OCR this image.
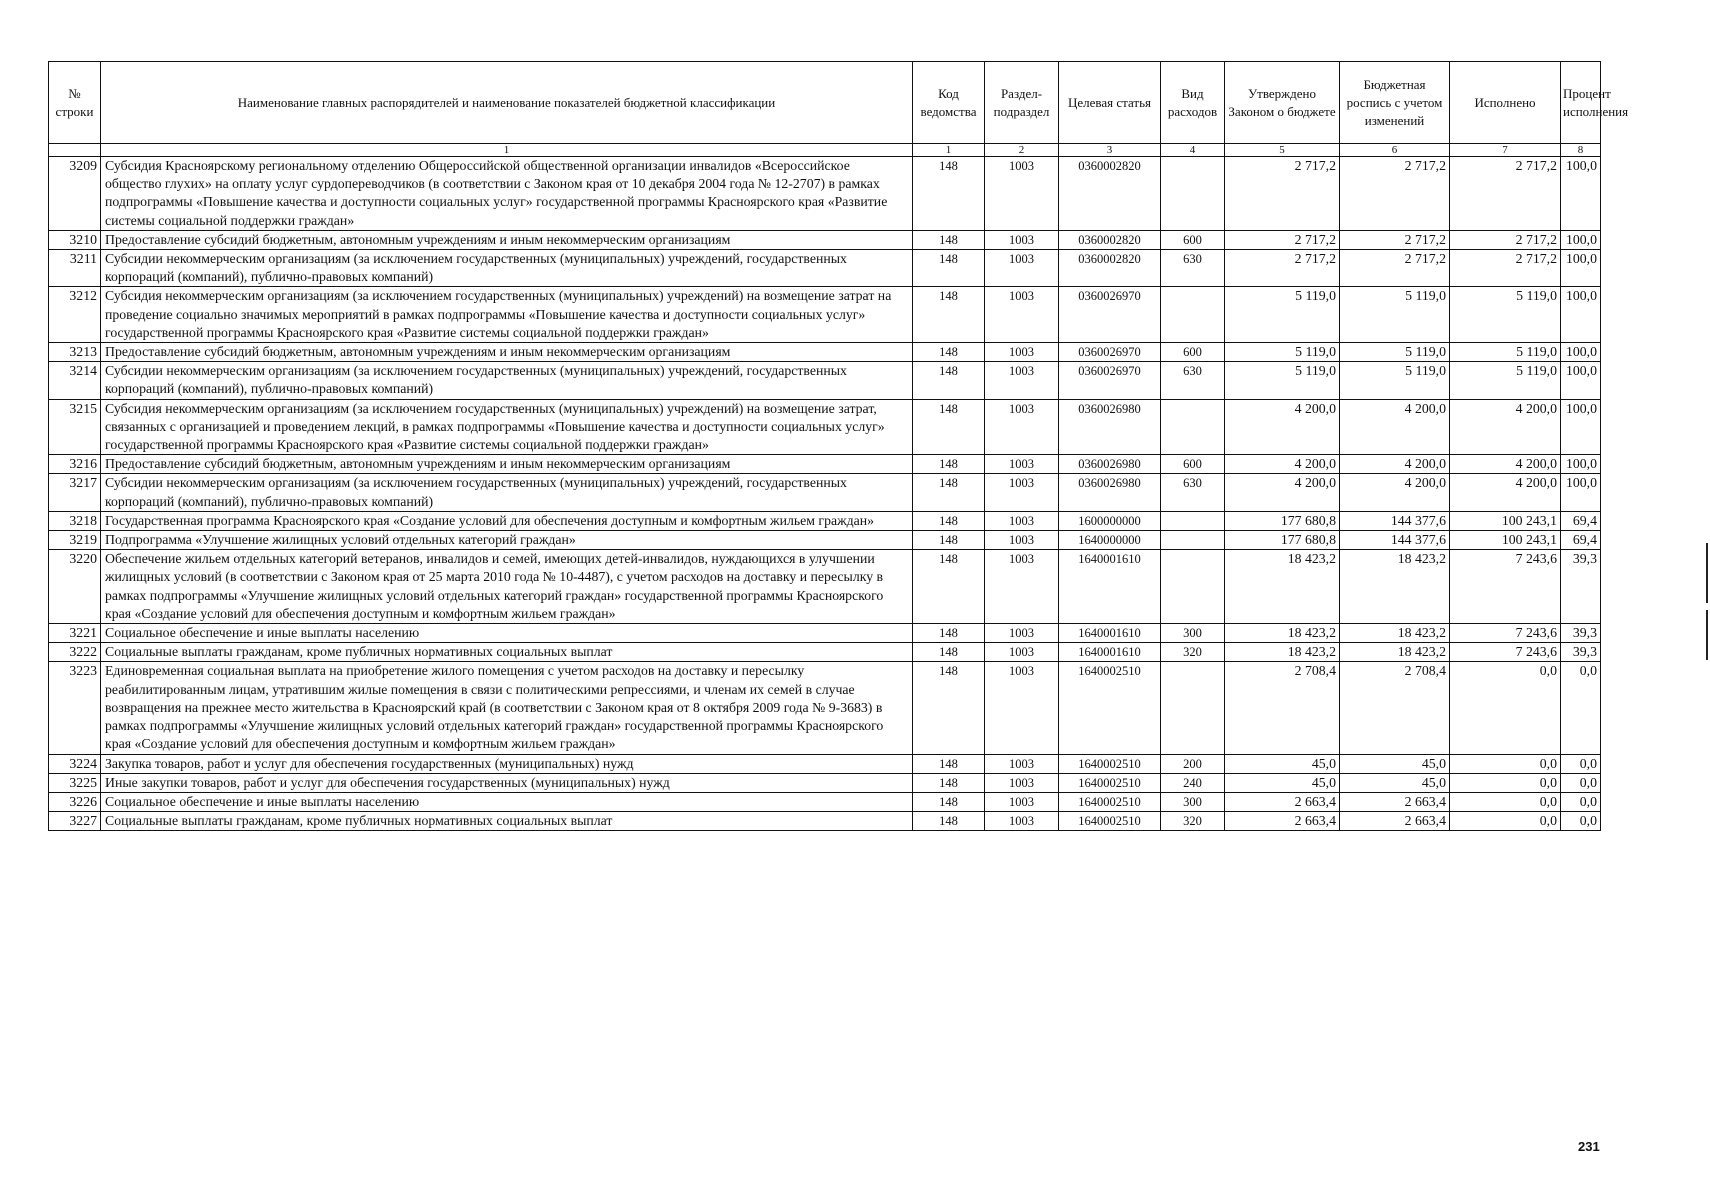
№ строки	Наименование главных распорядителей и наименование показателей бюджетной классификации	Код ведомства	Раздел-подраздел	Целевая статья	Вид расходов	Утверждено Законом о бюджете	Бюджетная роспись с учетом изменений	Исполнено	Процент исполнения
	1	1	2	3	4	5	6	7	8
3209	Субсидия Красноярскому региональному отделению Общероссийской общественной организации инвалидов «Всероссийское общество глухих» на оплату услуг сурдопереводчиков (в соответствии с Законом края от 10 декабря 2004 года № 12-2707) в рамках подпрограммы «Повышение качества и доступности социальных услуг» государственной программы Красноярского края «Развитие системы социальной поддержки граждан»	148	1003	0360002820		2 717,2	2 717,2	2 717,2	100,0
3210	Предоставление субсидий бюджетным, автономным учреждениям и иным некоммерческим организациям	148	1003	0360002820	600	2 717,2	2 717,2	2 717,2	100,0
3211	Субсидии некоммерческим организациям (за исключением государственных (муниципальных) учреждений, государственных корпораций (компаний), публично-правовых компаний)	148	1003	0360002820	630	2 717,2	2 717,2	2 717,2	100,0
3212	Субсидия некоммерческим организациям (за исключением государственных (муниципальных) учреждений) на возмещение затрат на проведение социально значимых мероприятий в рамках подпрограммы «Повышение качества и доступности социальных услуг» государственной программы Красноярского края «Развитие системы социальной поддержки граждан»	148	1003	0360026970		5 119,0	5 119,0	5 119,0	100,0
3213	Предоставление субсидий бюджетным, автономным учреждениям и иным некоммерческим организациям	148	1003	0360026970	600	5 119,0	5 119,0	5 119,0	100,0
3214	Субсидии некоммерческим организациям (за исключением государственных (муниципальных) учреждений, государственных корпораций (компаний), публично-правовых компаний)	148	1003	0360026970	630	5 119,0	5 119,0	5 119,0	100,0
3215	Субсидия некоммерческим организациям (за исключением государственных (муниципальных) учреждений) на возмещение затрат, связанных с организацией и проведением лекций, в рамках подпрограммы «Повышение качества и доступности социальных услуг» государственной программы Красноярского края «Развитие системы социальной поддержки граждан»	148	1003	0360026980		4 200,0	4 200,0	4 200,0	100,0
3216	Предоставление субсидий бюджетным, автономным учреждениям и иным некоммерческим организациям	148	1003	0360026980	600	4 200,0	4 200,0	4 200,0	100,0
3217	Субсидии некоммерческим организациям (за исключением государственных (муниципальных) учреждений, государственных корпораций (компаний), публично-правовых компаний)	148	1003	0360026980	630	4 200,0	4 200,0	4 200,0	100,0
3218	Государственная программа Красноярского края «Создание условий для обеспечения доступным и комфортным жильем граждан»	148	1003	1600000000		177 680,8	144 377,6	100 243,1	69,4
3219	Подпрограмма «Улучшение жилищных условий отдельных категорий граждан»	148	1003	1640000000		177 680,8	144 377,6	100 243,1	69,4
3220	Обеспечение жильем отдельных категорий ветеранов, инвалидов и семей, имеющих детей-инвалидов, нуждающихся в улучшении жилищных условий (в соответствии с Законом края от 25 марта 2010 года № 10-4487), с учетом расходов на доставку и пересылку в рамках подпрограммы «Улучшение жилищных условий отдельных категорий граждан» государственной программы Красноярского края «Создание условий для обеспечения доступным и комфортным жильем граждан»	148	1003	1640001610		18 423,2	18 423,2	7 243,6	39,3
3221	Социальное обеспечение и иные выплаты населению	148	1003	1640001610	300	18 423,2	18 423,2	7 243,6	39,3
3222	Социальные выплаты гражданам, кроме публичных нормативных социальных выплат	148	1003	1640001610	320	18 423,2	18 423,2	7 243,6	39,3
3223	Единовременная социальная выплата на приобретение жилого помещения с учетом расходов на доставку и пересылку реабилитированным лицам, утратившим жилые помещения в связи с политическими репрессиями, и членам их семей в случае возвращения на прежнее место жительства в Красноярский край (в соответствии с Законом края от 8 октября 2009 года № 9-3683) в рамках подпрограммы «Улучшение жилищных условий отдельных категорий граждан» государственной программы Красноярского края «Создание условий для обеспечения доступным и комфортным жильем граждан»	148	1003	1640002510		2 708,4	2 708,4	0,0	0,0
3224	Закупка товаров, работ и услуг для обеспечения государственных (муниципальных) нужд	148	1003	1640002510	200	45,0	45,0	0,0	0,0
3225	Иные закупки товаров, работ и услуг для обеспечения государственных (муниципальных) нужд	148	1003	1640002510	240	45,0	45,0	0,0	0,0
3226	Социальное обеспечение и иные выплаты населению	148	1003	1640002510	300	2 663,4	2 663,4	0,0	0,0
3227	Социальные выплаты гражданам, кроме публичных нормативных социальных выплат	148	1003	1640002510	320	2 663,4	2 663,4	0,0	0,0
231
